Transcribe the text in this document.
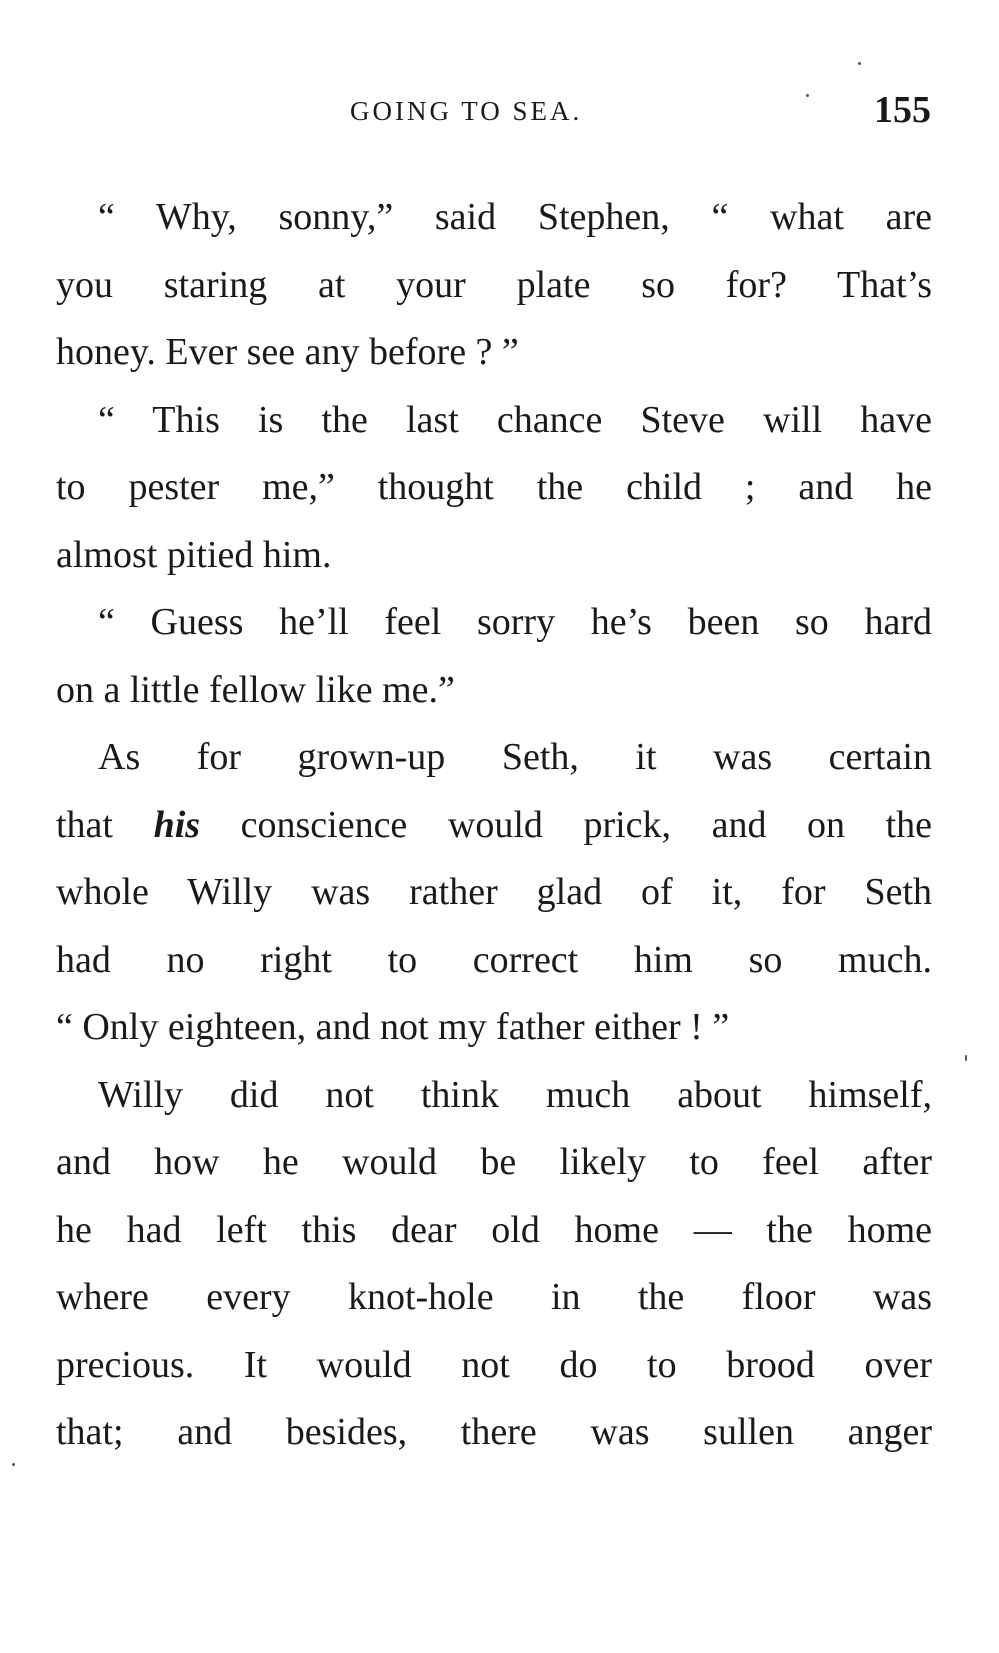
GOING TO SEA.	155
“ Why, sonny,” said Stephen, “ what are
you staring at your plate so for? That’s
honey. Ever see any before ? ”
“ This is the last chance Steve will have
to pester me,” thought the child ; and he
almost pitied him.
“ Guess he’ll feel sorry he’s been so hard
on a little fellow like me.”
As for grown-up Seth, it was certain
that his conscience would prick, and on the
whole Willy was rather glad of it, for Seth
had no right to correct him so much.
“ Only eighteen, and not my father either ! ”
Willy did not think much about himself,
and how he would be likely to feel after
he had left this dear old home — the home
where every knot-hole in the floor was
precious. It would not do to brood over
that; and besides, there was sullen anger
